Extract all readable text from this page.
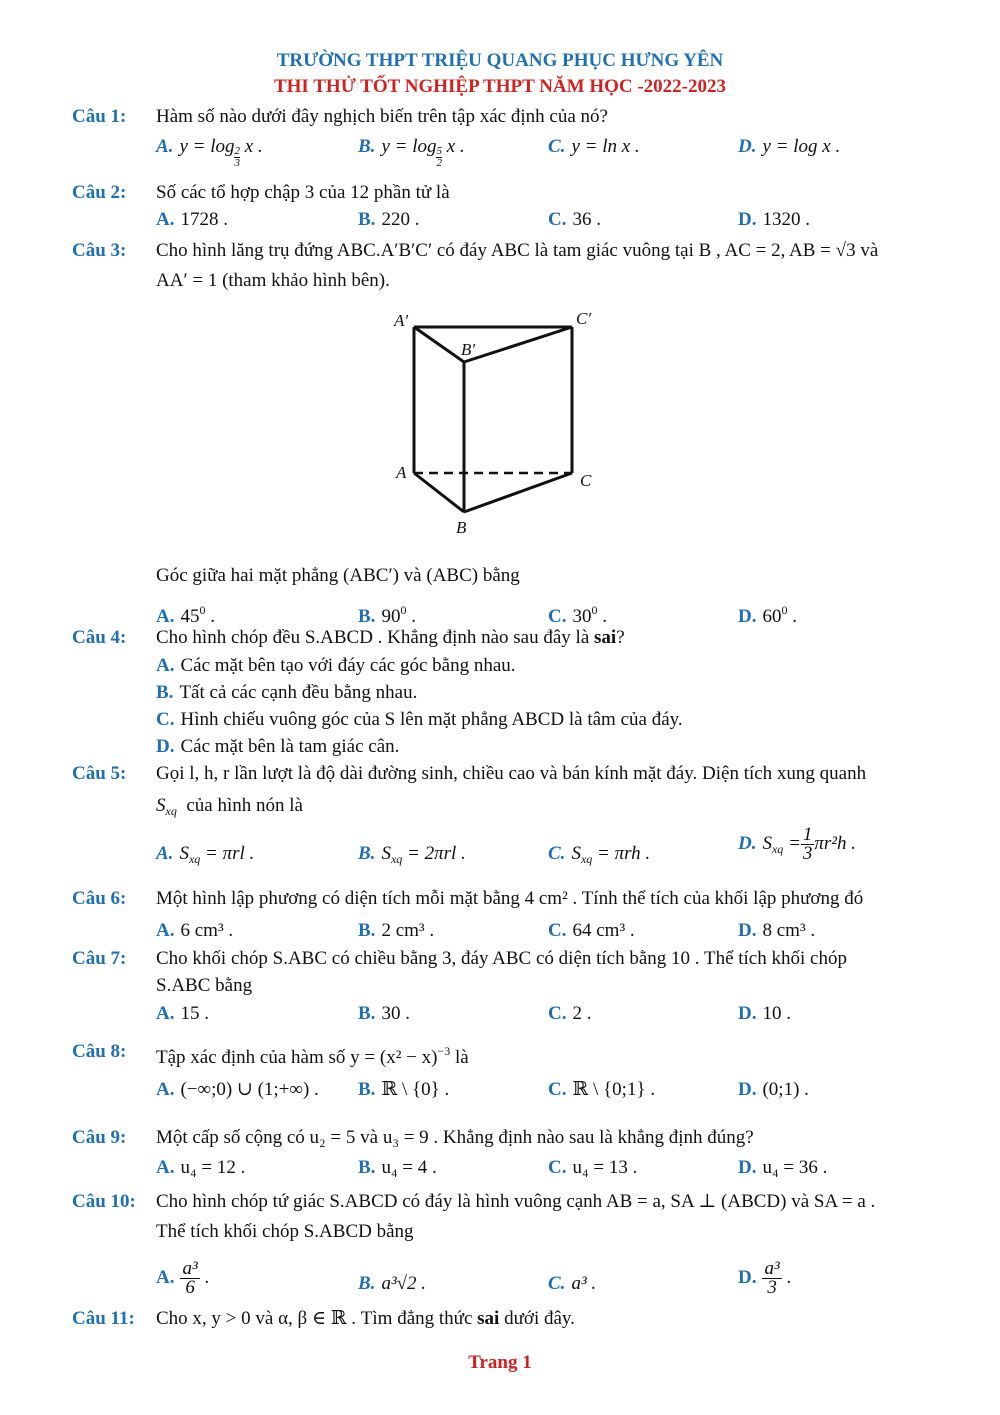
TRƯỜNG THPT TRIỆU QUANG PHỤC HƯNG YÊN
THI THỬ TỐT NGHIỆP THPT NĂM HỌC -2022-2023
Câu 1: Hàm số nào dưới đây nghịch biến trên tập xác định của nó?
A. $y = \log \frac{2}{3}$ x .	B. $y = \log \frac{5}{2}$ x .	C. y = ln x .	D. y = log x .
Câu 2: Số các tổ hợp chập 3 của 12 phần tử là
A. 1728 .	B. 220 .	C. 36 .	D. 1320 .
Câu 3: Cho hình lăng trụ đứng ABC.A′B′C′ có đáy ABC là tam giác vuông tại B , AC = 2, AB = √3 và
AA′ = 1 (tham khảo hình bên).
A′	C′
B′
A	C
B
Góc giữa hai mặt phẳng (ABC′) và (ABC) bằng
A. $45^0$ .	B. $90^0$ .	C. $30^0$ .	D. $60^0$ .
Câu 4: Cho hình chóp đều S.ABCD . Khẳng định nào sau đây là sai?
A. Các mặt bên tạo với đáy các góc bằng nhau.
B. Tất cả các cạnh đều bằng nhau.
C. Hình chiếu vuông góc của S lên mặt phẳng ABCD là tâm của đáy.
D. Các mặt bên là tam giác cân.
Câu 5: Gọi l, h, r lần lượt là độ dài đường sinh, chiều cao và bán kính mặt đáy. Diện tích xung quanh
$S_{xq}$ của hình nón là
A. $S_{xq} = \pi rl$ .	B. $S_{xq} = 2\pi rl$ .	C. $S_{xq} = \pi rh$ .	D. $S_{xq} = \frac{1}{3} \pi r^2h$ .
Câu 6: Một hình lập phương có diện tích mỗi mặt bằng 4 cm² . Tính thể tích của khối lập phương đó
A. 6 cm³ .	B. 2 cm³ .	C. 64 cm³ .	D. 8 cm³ .
Câu 7: Cho khối chóp S.ABC có chiều bằng 3, đáy ABC có diện tích bằng 10 . Thể tích khối chóp
S.ABC bằng
A. 15 .	B. 30 .	C. 2 .	D. 10 .
Câu 8: Tập xác định của hàm số $y = (x^2 - x)^{-3}$ là
A. (−∞;0) ∪ (1;+∞) . B. ℝ \ {0} .	C. ℝ \ {0;1} .	D. (0;1) .
Câu 9: Một cấp số cộng có u₂ = 5 và u₃ = 9 . Khẳng định nào sau là khẳng định đúng?
A. u₄ = 12 .	B. u₄ = 4 .	C. u₄ = 13 .	D. u₄ = 36 .
Câu 10: Cho hình chóp tứ giác S.ABCD có đáy là hình vuông cạnh AB = a, SA ⊥ (ABCD) và SA = a .
Thể tích khối chóp S.ABCD bằng
A. $\frac{\text{a³}}{6}$ .	B. a³√2 .	C. a³ .	D. $\frac{\text{a³}}{3}$ .
Câu 11: Cho x, y > 0 và α, β ∈ ℝ . Tìm đẳng thức sai dưới đây.
Trang 1
